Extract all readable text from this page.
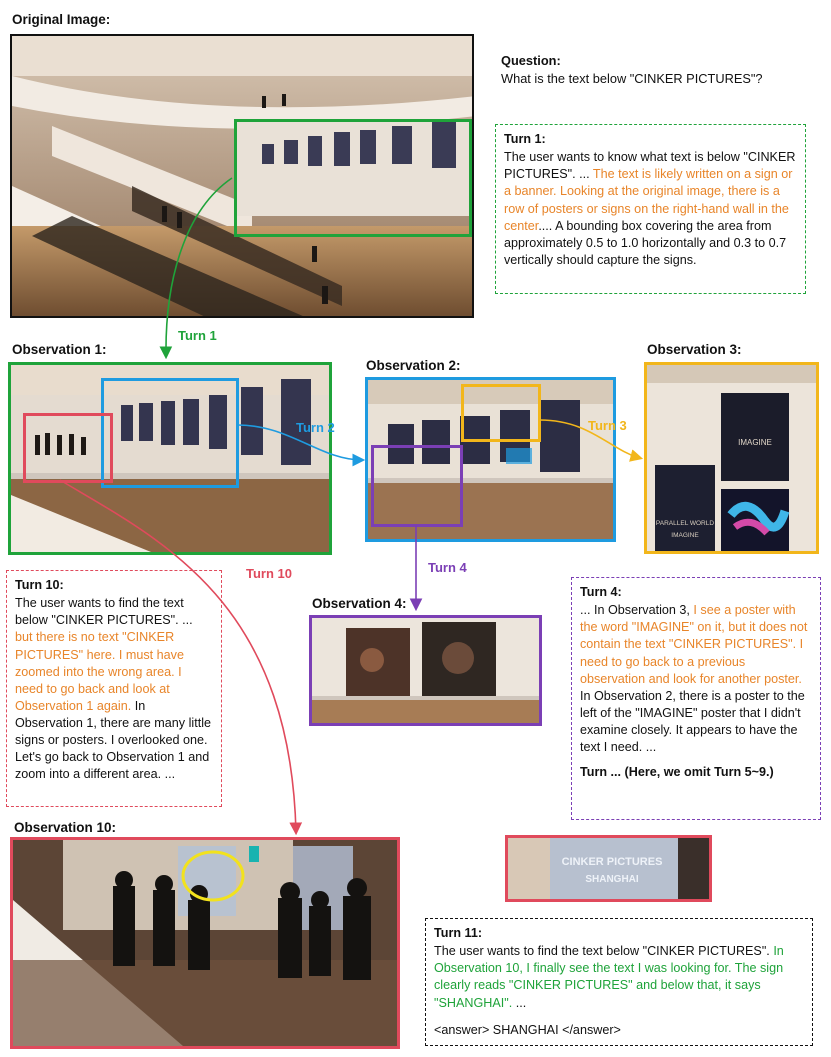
Original Image:
Question:
What is the text below "CINKER PICTURES"?
Turn 1:
The user wants to know what text is below "CINKER PICTURES". ... The text is likely written on a sign or a banner. Looking at the original image, there is a row of posters or signs on the right-hand wall in the center.... A bounding box covering the area from approximately 0.5 to 1.0 horizontally and 0.3 to 0.7 vertically should capture the signs.
Observation 1:
Observation 2:
Observation 3:
IMAGINE
PARALLEL WORLD
IMAGINE
Observation 4:
Turn 4:
... In Observation 3, I see a poster with the word "IMAGINE" on it, but it does not contain the text "CINKER PICTURES". I need to go back to a previous observation and look for another poster. In Observation 2, there is a poster to the left of the "IMAGINE" poster that I didn't examine closely. It appears to have the text I need. ...
Turn ... (Here, we omit Turn 5~9.)
Turn 10:
The user wants to find the text below "CINKER PICTURES". ... but there is no text "CINKER PICTURES" here. I must have zoomed into the wrong area. I need to go back and look at Observation 1 again. In Observation 1, there are many little signs or posters. I overlooked one. Let's go back to Observation 1 and zoom into a different area. ...
Observation 10:
CINKER PICTURES
SHANGHAI
Turn 11:
The user wants to find the text below "CINKER PICTURES". In Observation 10, I finally see the text I was looking for. The sign clearly reads "CINKER PICTURES" and below that, it says "SHANGHAI". ...
<answer> SHANGHAI </answer>
Turn 1
Turn 2	Turn 3
Turn 4
Turn 10
